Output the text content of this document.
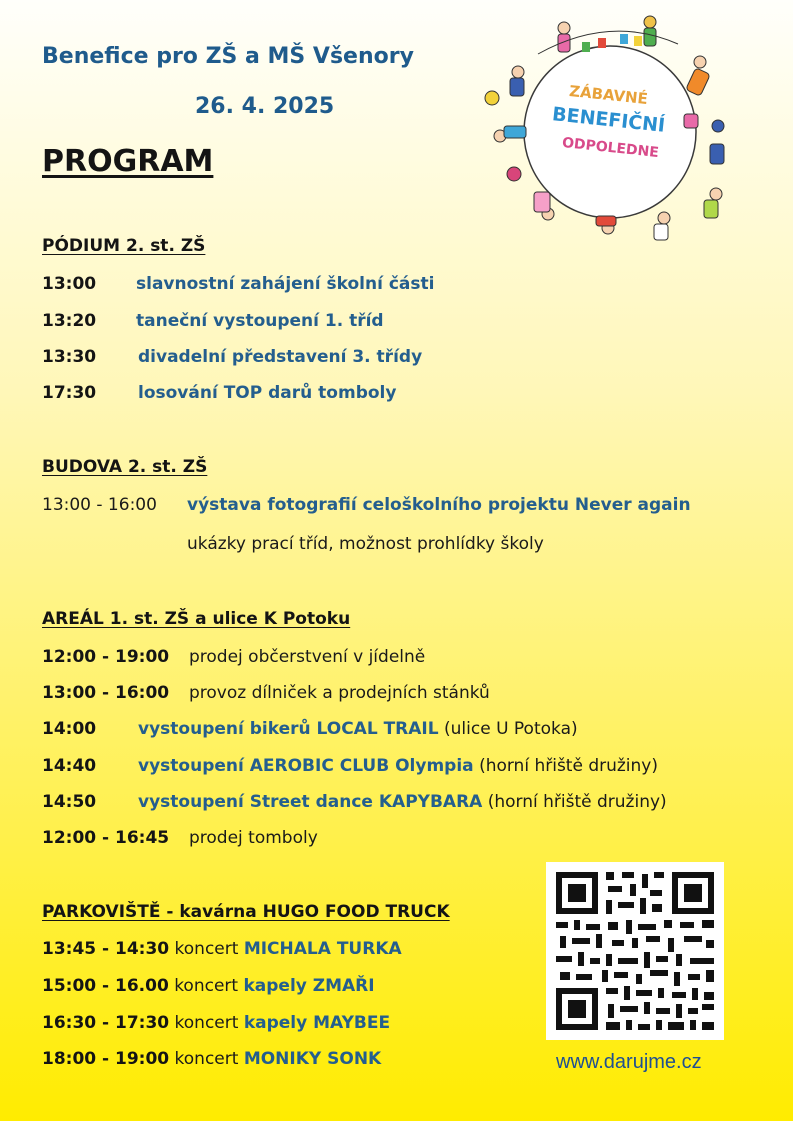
Benefice pro ZŠ a MŠ Všenory
26. 4. 2025
PROGRAM
ZÁBAVNÉ
BENEFIČNÍ
ODPOLEDNE
PÓDIUM 2. st. ZŠ
13:00 slavnostní zahájení školní části
13:20 taneční vystoupení 1. tříd
13:30 divadelní představení 3. třídy
17:30 losování TOP darů tomboly
BUDOVA 2. st. ZŠ
13:00 - 16:00 výstava fotografií celoškolního projektu Never again
ukázky prací tříd, možnost prohlídky školy
AREÁL 1. st. ZŠ a ulice K Potoku
12:00 - 19:00 prodej občerstvení v jídelně
13:00 - 16:00 provoz dílniček a prodejních stánků
14:00 vystoupení bikerů LOCAL TRAIL (ulice U Potoka)
14:40 vystoupení AEROBIC CLUB Olympia (horní hřiště družiny)
14:50 vystoupení Street dance KAPYBARA (horní hřiště družiny)
12:00 - 16:45 prodej tomboly
PARKOVIŠTĚ - kavárna HUGO FOOD TRUCK
13:45 - 14:30 koncert MICHALA TURKA
15:00 - 16.00 koncert kapely ZMAŘI
16:30 - 17:30 koncert kapely MAYBEE
18:00 - 19:00 koncert MONIKY SONK	www.darujme.cz
